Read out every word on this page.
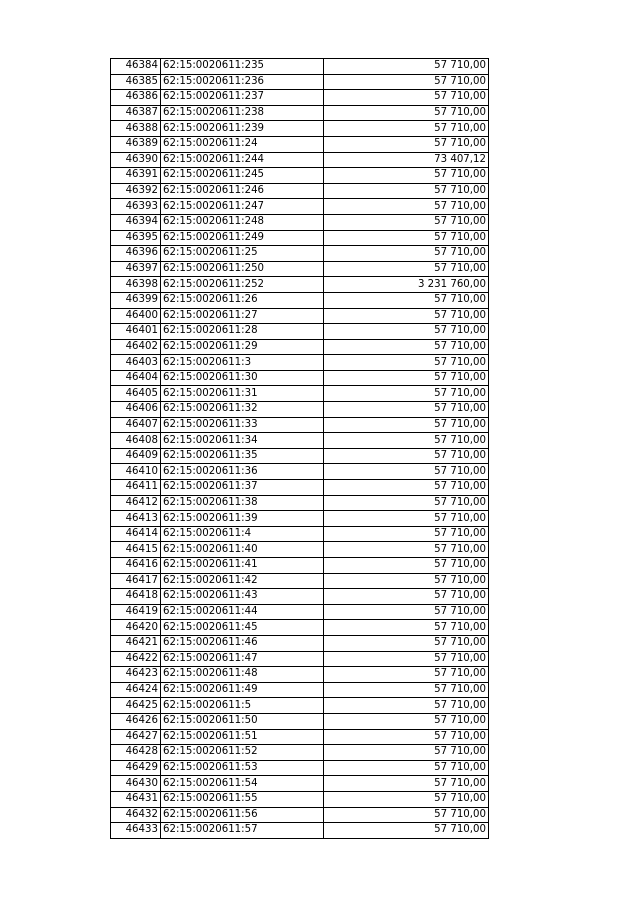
46384	62:15:0020611:235	57 710,00
46385	62:15:0020611:236	57 710,00
46386	62:15:0020611:237	57 710,00
46387	62:15:0020611:238	57 710,00
46388	62:15:0020611:239	57 710,00
46389	62:15:0020611:24	57 710,00
46390	62:15:0020611:244	73 407,12
46391	62:15:0020611:245	57 710,00
46392	62:15:0020611:246	57 710,00
46393	62:15:0020611:247	57 710,00
46394	62:15:0020611:248	57 710,00
46395	62:15:0020611:249	57 710,00
46396	62:15:0020611:25	57 710,00
46397	62:15:0020611:250	57 710,00
46398	62:15:0020611:252	3 231 760,00
46399	62:15:0020611:26	57 710,00
46400	62:15:0020611:27	57 710,00
46401	62:15:0020611:28	57 710,00
46402	62:15:0020611:29	57 710,00
46403	62:15:0020611:3	57 710,00
46404	62:15:0020611:30	57 710,00
46405	62:15:0020611:31	57 710,00
46406	62:15:0020611:32	57 710,00
46407	62:15:0020611:33	57 710,00
46408	62:15:0020611:34	57 710,00
46409	62:15:0020611:35	57 710,00
46410	62:15:0020611:36	57 710,00
46411	62:15:0020611:37	57 710,00
46412	62:15:0020611:38	57 710,00
46413	62:15:0020611:39	57 710,00
46414	62:15:0020611:4	57 710,00
46415	62:15:0020611:40	57 710,00
46416	62:15:0020611:41	57 710,00
46417	62:15:0020611:42	57 710,00
46418	62:15:0020611:43	57 710,00
46419	62:15:0020611:44	57 710,00
46420	62:15:0020611:45	57 710,00
46421	62:15:0020611:46	57 710,00
46422	62:15:0020611:47	57 710,00
46423	62:15:0020611:48	57 710,00
46424	62:15:0020611:49	57 710,00
46425	62:15:0020611:5	57 710,00
46426	62:15:0020611:50	57 710,00
46427	62:15:0020611:51	57 710,00
46428	62:15:0020611:52	57 710,00
46429	62:15:0020611:53	57 710,00
46430	62:15:0020611:54	57 710,00
46431	62:15:0020611:55	57 710,00
46432	62:15:0020611:56	57 710,00
46433	62:15:0020611:57	57 710,00
